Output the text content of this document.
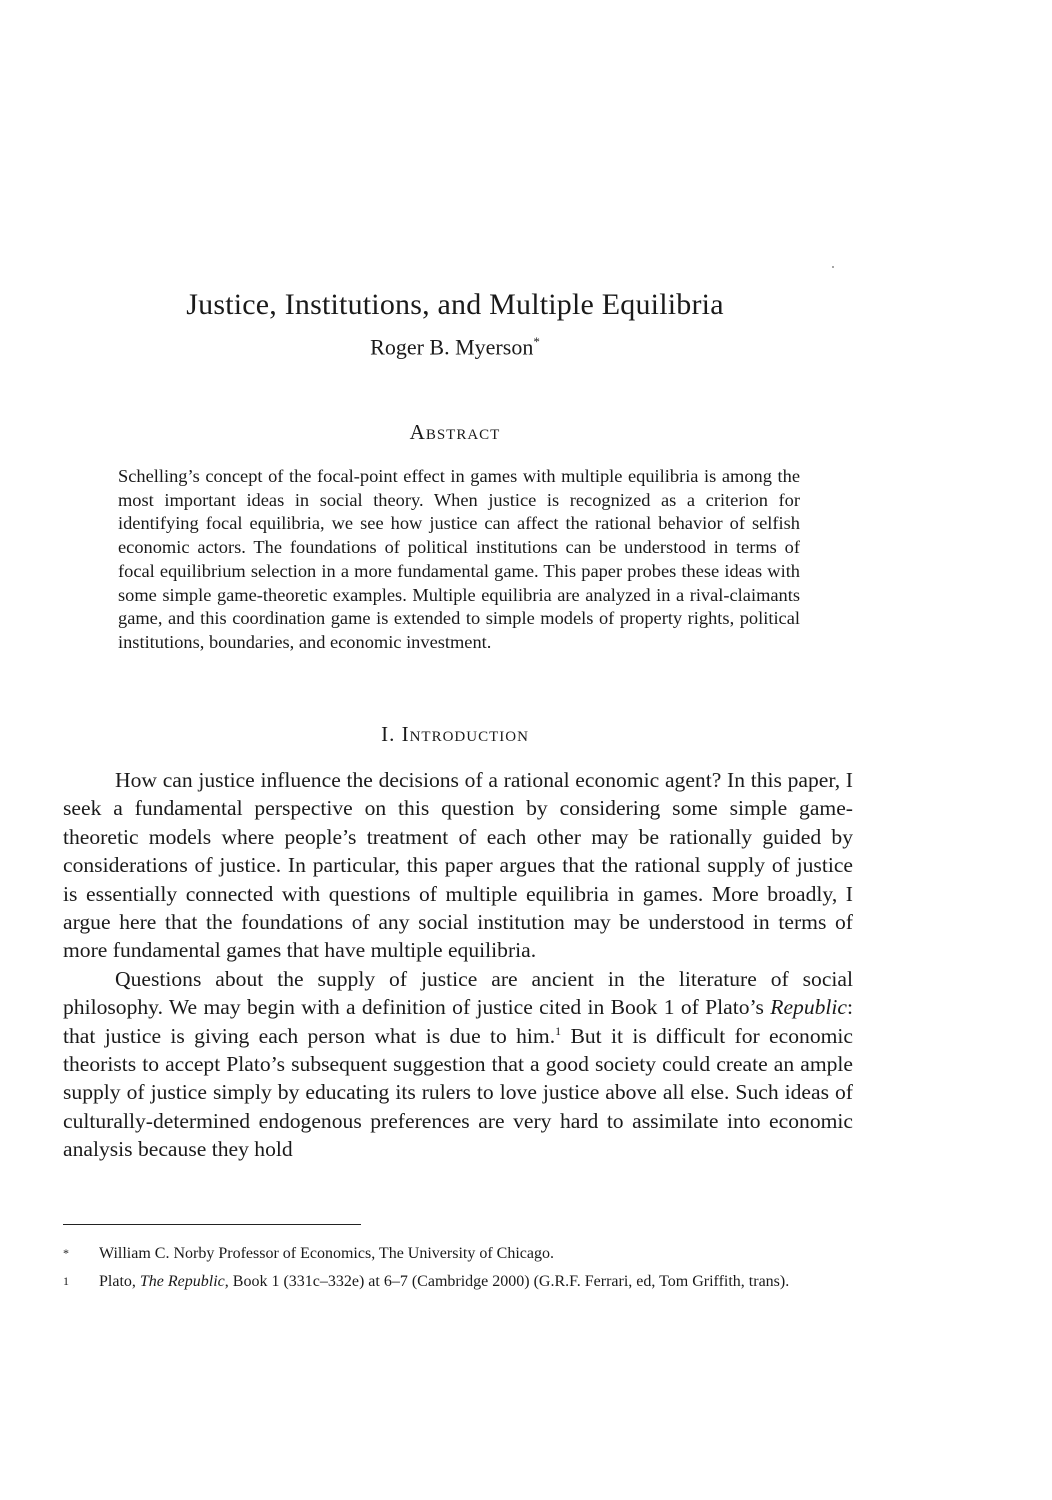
Justice, Institutions, and Multiple Equilibria
Roger B. Myerson*
Abstract

Schelling’s concept of the focal-point effect in games with multiple equilibria is among the most important ideas in social theory. When justice is recognized as a criterion for identifying focal equilibria, we see how justice can affect the rational behavior of selfish economic actors. The foundations of political institutions can be understood in terms of focal equilibrium selection in a more fundamental game. This paper probes these ideas with some simple game-theoretic examples. Multiple equilibria are analyzed in a rival-claimants game, and this coordination game is extended to simple models of property rights, political institutions, boundaries, and economic investment.

I. Introduction

How can justice influence the decisions of a rational economic agent? In this paper, I seek a fundamental perspective on this question by considering some simple game-theoretic models where people’s treatment of each other may be rationally guided by considerations of justice. In particular, this paper argues that the rational supply of justice is essentially connected with questions of multiple equilibria in games. More broadly, I argue here that the foundations of any social institution may be understood in terms of more fundamental games that have multiple equilibria.

Questions about the supply of justice are ancient in the literature of social philosophy. We may begin with a definition of justice cited in Book 1 of Plato’s Republic: that justice is giving each person what is due to him.$^1$ But it is difficult for economic theorists to accept Plato’s subsequent suggestion that a good society could create an ample supply of justice simply by educating its rulers to love justice above all else. Such ideas of culturally-determined endogenous preferences are very hard to assimilate into economic analysis because they hold

* William C. Norby Professor of Economics, The University of Chicago.
1 Plato, The Republic, Book 1 (331c–332e) at 6–7 (Cambridge 2000) (G.R.F. Ferrari, ed, Tom Griffith, trans).
